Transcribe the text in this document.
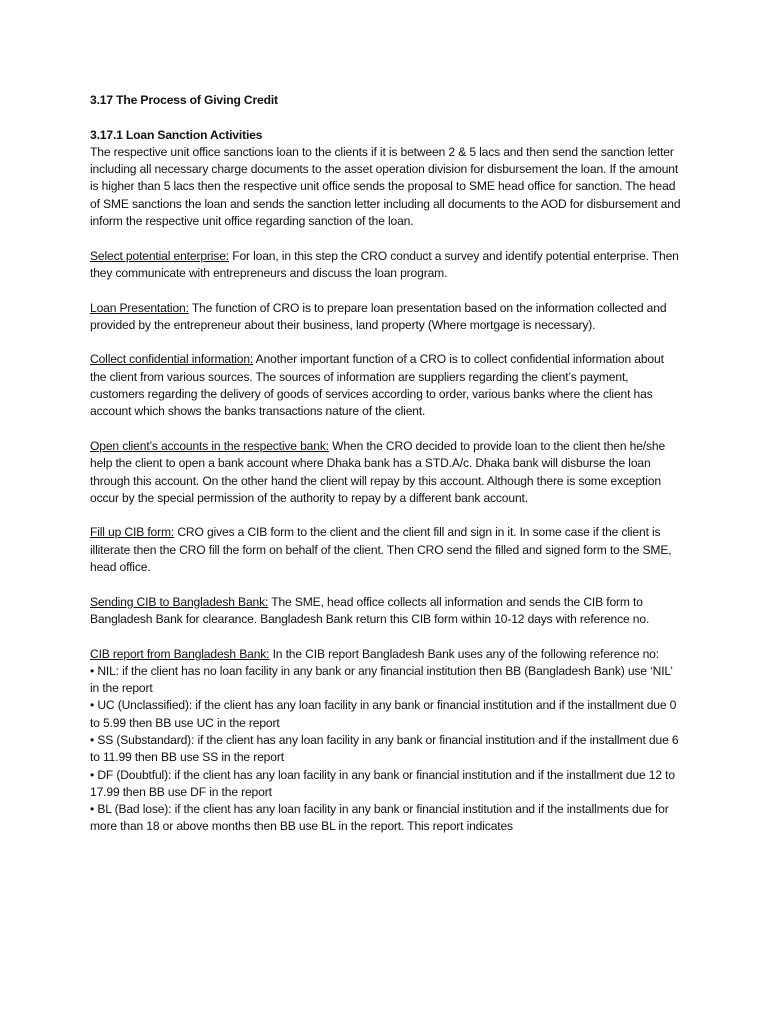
3.17 The Process of Giving Credit
3.17.1 Loan Sanction Activities

The respective unit office sanctions loan to the clients if it is between 2 & 5 lacs and then send the sanction letter including all necessary charge documents to the asset operation division for disbursement the loan. If the amount is higher than 5 lacs then the respective unit office sends the proposal to SME head office for sanction. The head of SME sanctions the loan and sends the sanction letter including all documents to the AOD for disbursement and inform the respective unit office regarding sanction of the loan.

Select potential enterprise: For loan, in this step the CRO conduct a survey and identify potential enterprise. Then they communicate with entrepreneurs and discuss the loan program.

Loan Presentation: The function of CRO is to prepare loan presentation based on the information collected and provided by the entrepreneur about their business, land property (Where mortgage is necessary).

Collect confidential information: Another important function of a CRO is to collect confidential information about the client from various sources. The sources of information are suppliers regarding the client’s payment, customers regarding the delivery of goods of services according to order, various banks where the client has account which shows the banks transactions nature of the client.

Open client’s accounts in the respective bank: When the CRO decided to provide loan to the client then he/she help the client to open a bank account where Dhaka bank has a STD.A/c. Dhaka bank will disburse the loan through this account. On the other hand the client will repay by this account. Although there is some exception occur by the special permission of the authority to repay by a different bank account.

Fill up CIB form: CRO gives a CIB form to the client and the client fill and sign in it. In some case if the client is illiterate then the CRO fill the form on behalf of the client. Then CRO send the filled and signed form to the SME, head office.

Sending CIB to Bangladesh Bank: The SME, head office collects all information and sends the CIB form to Bangladesh Bank for clearance. Bangladesh Bank return this CIB form within 10-12 days with reference no.

CIB report from Bangladesh Bank: In the CIB report Bangladesh Bank uses any of the following reference no:

• NIL: if the client has no loan facility in any bank or any financial institution then BB (Bangladesh Bank) use ‘NIL’ in the report
• UC (Unclassified): if the client has any loan facility in any bank or financial institution and if the installment due 0 to 5.99 then BB use UC in the report
• SS (Substandard): if the client has any loan facility in any bank or financial institution and if the installment due 6 to 11.99 then BB use SS in the report
• DF (Doubtful): if the client has any loan facility in any bank or financial institution and if the installment due 12 to 17.99 then BB use DF in the report
• BL (Bad lose): if the client has any loan facility in any bank or financial institution and if the installments due for more than 18 or above months then BB use BL in the report. This report indicates
